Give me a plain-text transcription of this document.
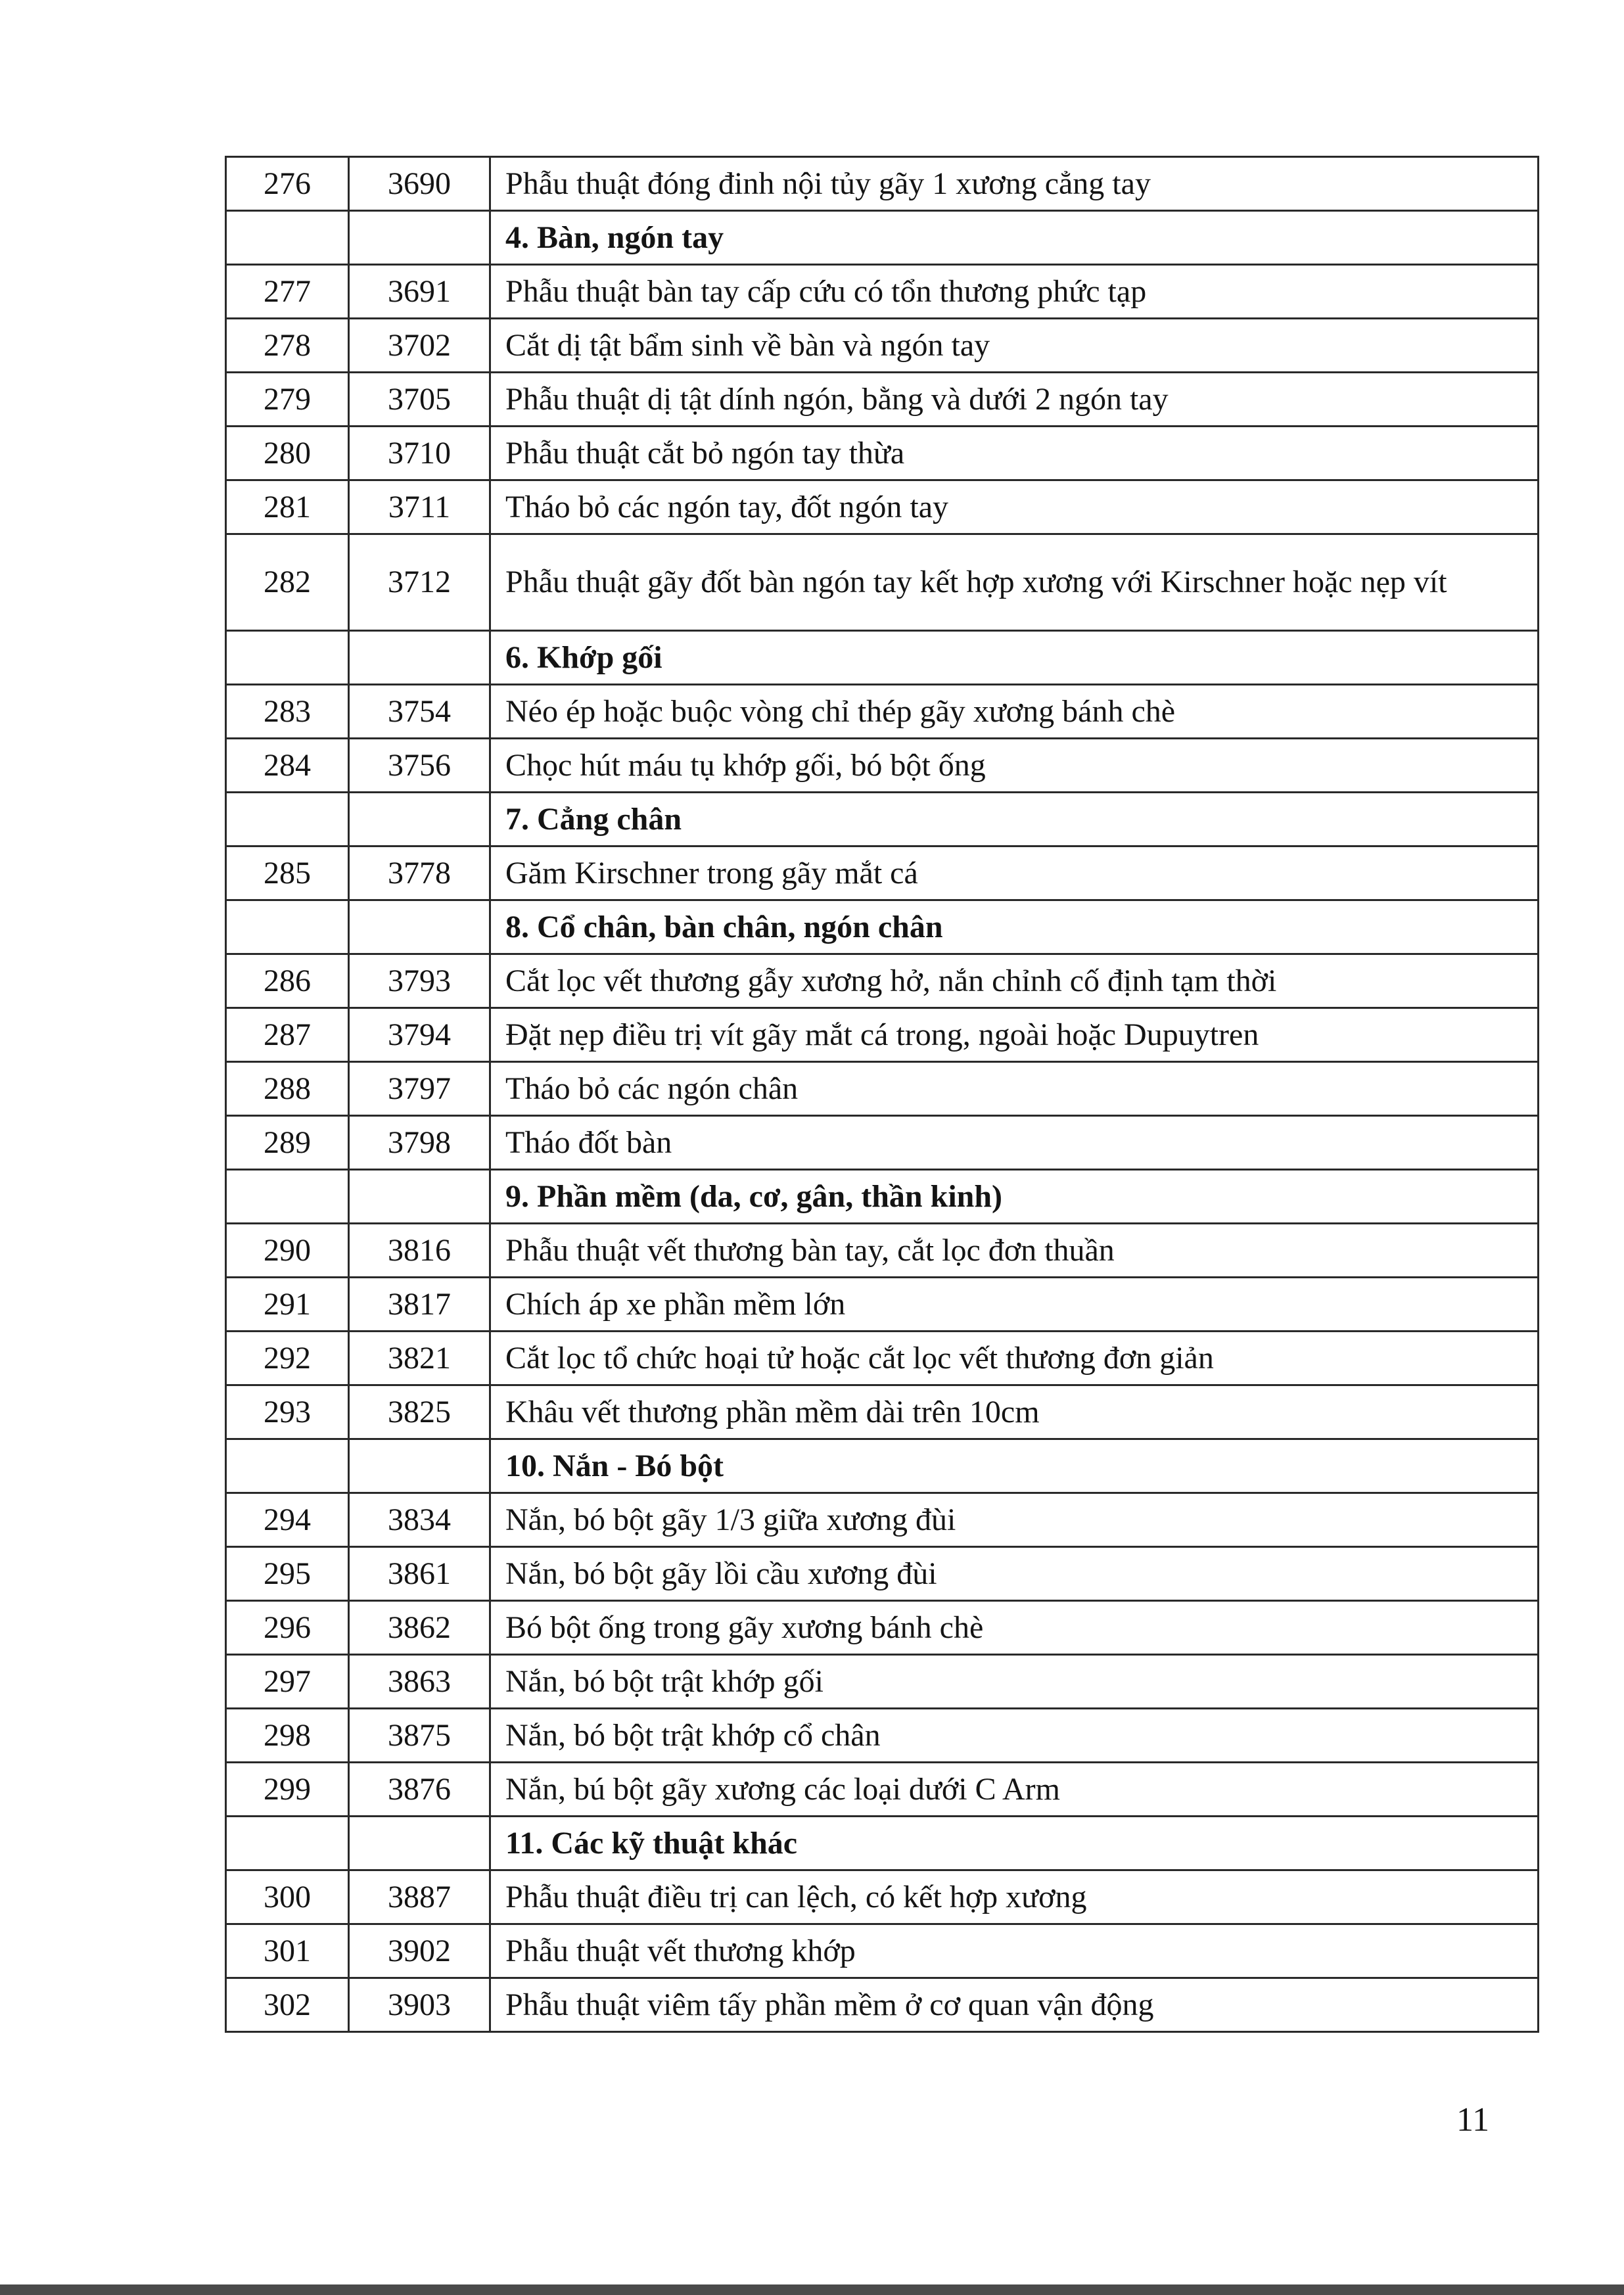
276	3690	Phẫu thuật đóng đinh nội tủy gãy 1 xương cẳng tay
		4. Bàn, ngón tay
277	3691	Phẫu thuật bàn tay cấp cứu có tổn thương phức tạp
278	3702	Cắt dị tật bẩm sinh về bàn và ngón tay
279	3705	Phẫu thuật dị tật dính ngón, bằng và dưới 2 ngón tay
280	3710	Phẫu thuật cắt bỏ ngón tay thừa
281	3711	Tháo bỏ các ngón tay, đốt ngón tay
282	3712	Phẫu thuật gãy đốt bàn ngón tay kết hợp xương với Kirschner hoặc nẹp vít
		6. Khớp gối
283	3754	Néo ép hoặc buộc vòng chỉ thép gãy xương bánh chè
284	3756	Chọc hút máu tụ khớp gối, bó bột ống
		7. Cẳng chân
285	3778	Găm Kirschner trong gãy mắt cá
		8. Cổ chân, bàn chân, ngón chân
286	3793	Cắt lọc vết thương gẫy xương hở, nắn chỉnh cố định tạm thời
287	3794	Đặt nẹp điều trị vít gãy mắt cá trong, ngoài hoặc Dupuytren
288	3797	Tháo bỏ các ngón chân
289	3798	Tháo đốt bàn
		9. Phần mềm (da, cơ, gân, thần kinh)
290	3816	Phẫu thuật vết thương bàn tay, cắt lọc đơn thuần
291	3817	Chích áp xe phần mềm lớn
292	3821	Cắt lọc tổ chức hoại tử hoặc cắt lọc vết thương đơn giản
293	3825	Khâu vết thương phần mềm dài trên 10cm
		10. Nắn - Bó bột
294	3834	Nắn, bó bột gãy 1/3 giữa xương đùi
295	3861	Nắn, bó bột gãy lồi cầu xương đùi
296	3862	Bó bột ống trong gãy xương bánh chè
297	3863	Nắn, bó bột trật khớp gối
298	3875	Nắn, bó bột trật khớp cổ chân
299	3876	Nắn, bú bột gãy xương các loại dưới C Arm
		11. Các kỹ thuật khác
300	3887	Phẫu thuật điều trị can lệch, có kết hợp xương
301	3902	Phẫu thuật vết thương khớp
302	3903	Phẫu thuật viêm tấy phần mềm ở cơ quan vận động
11
